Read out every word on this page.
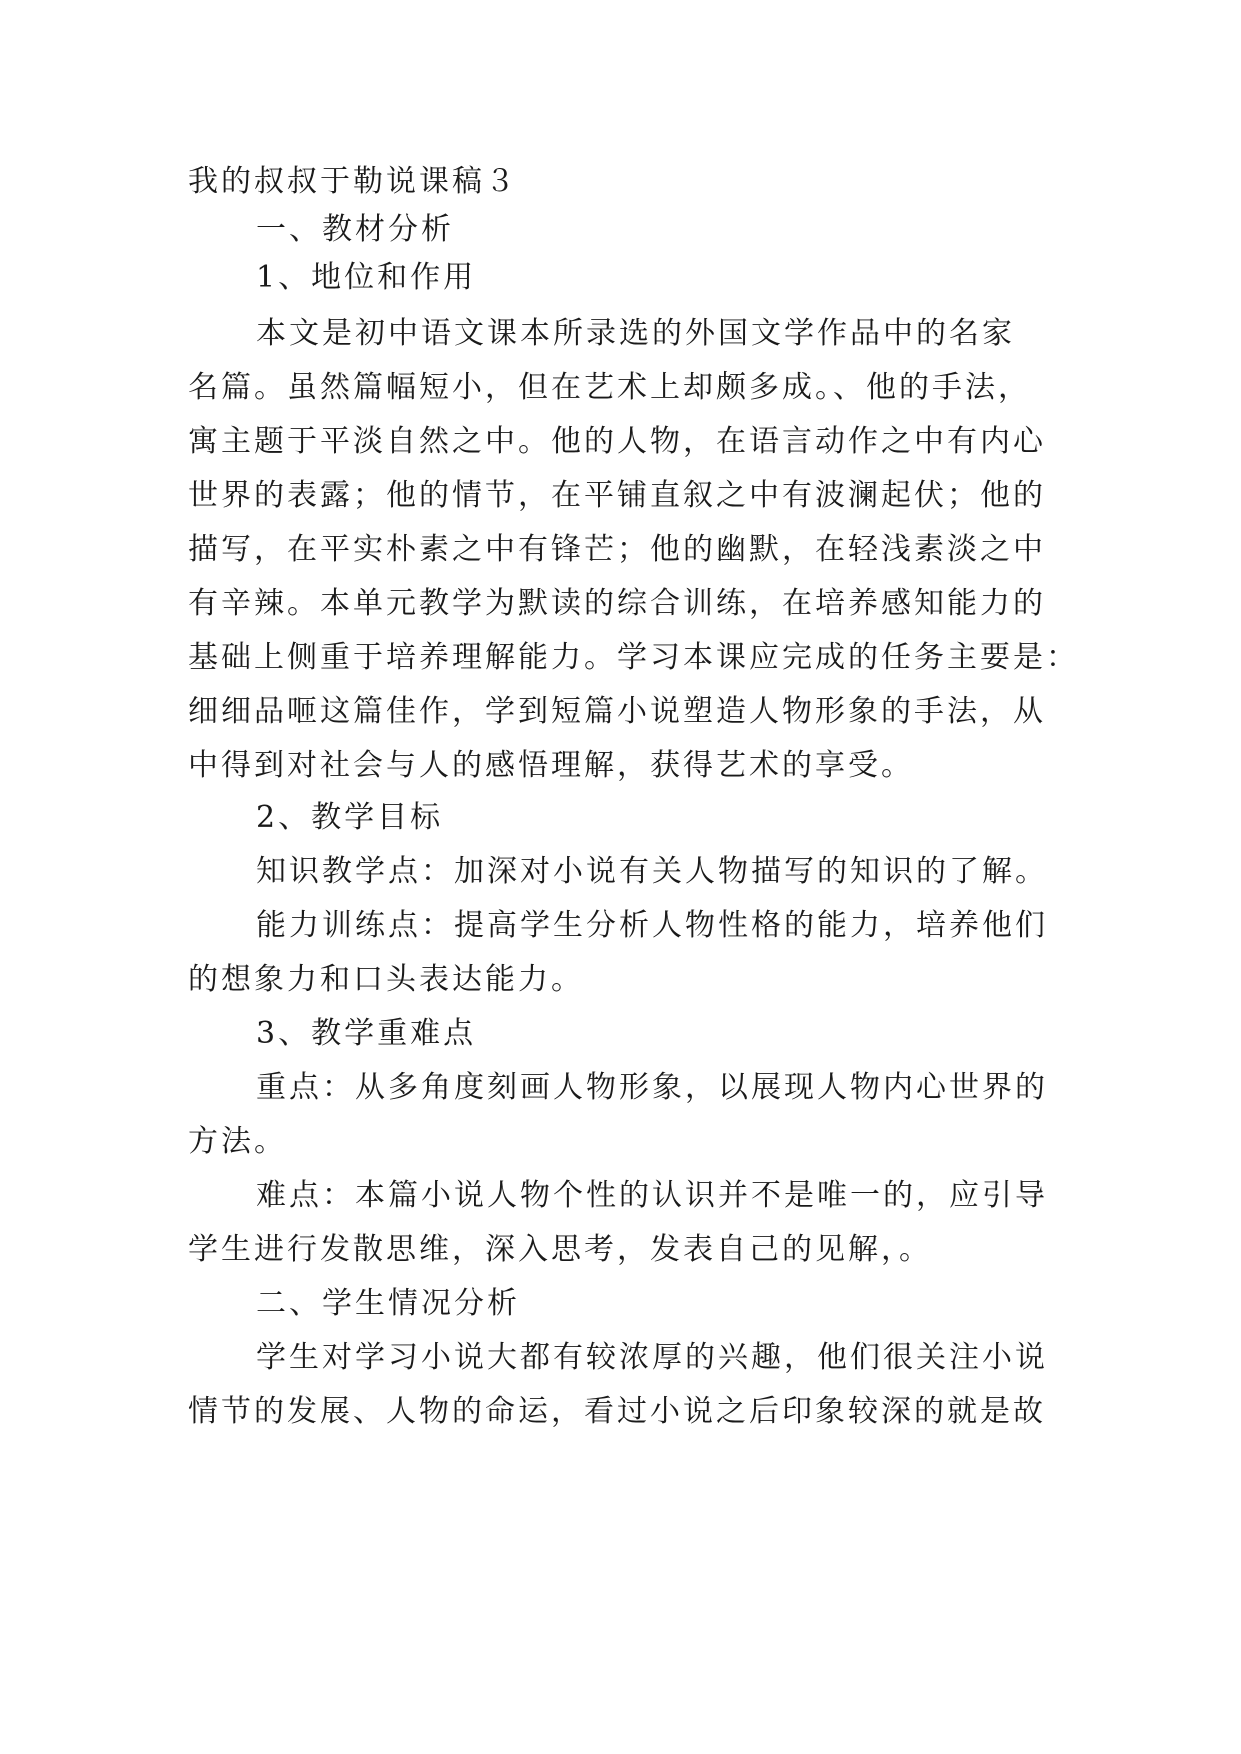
我的叔叔于勒说课稿３
一、教材分析
1、地位和作用
本文是初中语文课本所录选的外国文学作品中的名家
名篇。虽然篇幅短小，但在艺术上却颇多成。、他的手法，
寓主题于平淡自然之中。他的人物，在语言动作之中有内心
世界的表露；他的情节，在平铺直叙之中有波澜起伏；他的
描写，在平实朴素之中有锋芒；他的幽默，在轻浅素淡之中
有辛辣。本单元教学为默读的综合训练，在培养感知能力的
基础上侧重于培养理解能力。学习本课应完成的任务主要是：
细细品咂这篇佳作，学到短篇小说塑造人物形象的手法，从
中得到对社会与人的感悟理解，获得艺术的享受。
2、教学目标
知识教学点：加深对小说有关人物描写的知识的了解。
能力训练点：提高学生分析人物性格的能力，培养他们
的想象力和口头表达能力。
3、教学重难点
重点：从多角度刻画人物形象，以展现人物内心世界的
方法。
难点：本篇小说人物个性的认识并不是唯一的，应引导
学生进行发散思维，深入思考，发表自己的见解，。
二、学生情况分析
学生对学习小说大都有较浓厚的兴趣，他们很关注小说
情节的发展、人物的命运，看过小说之后印象较深的就是故
